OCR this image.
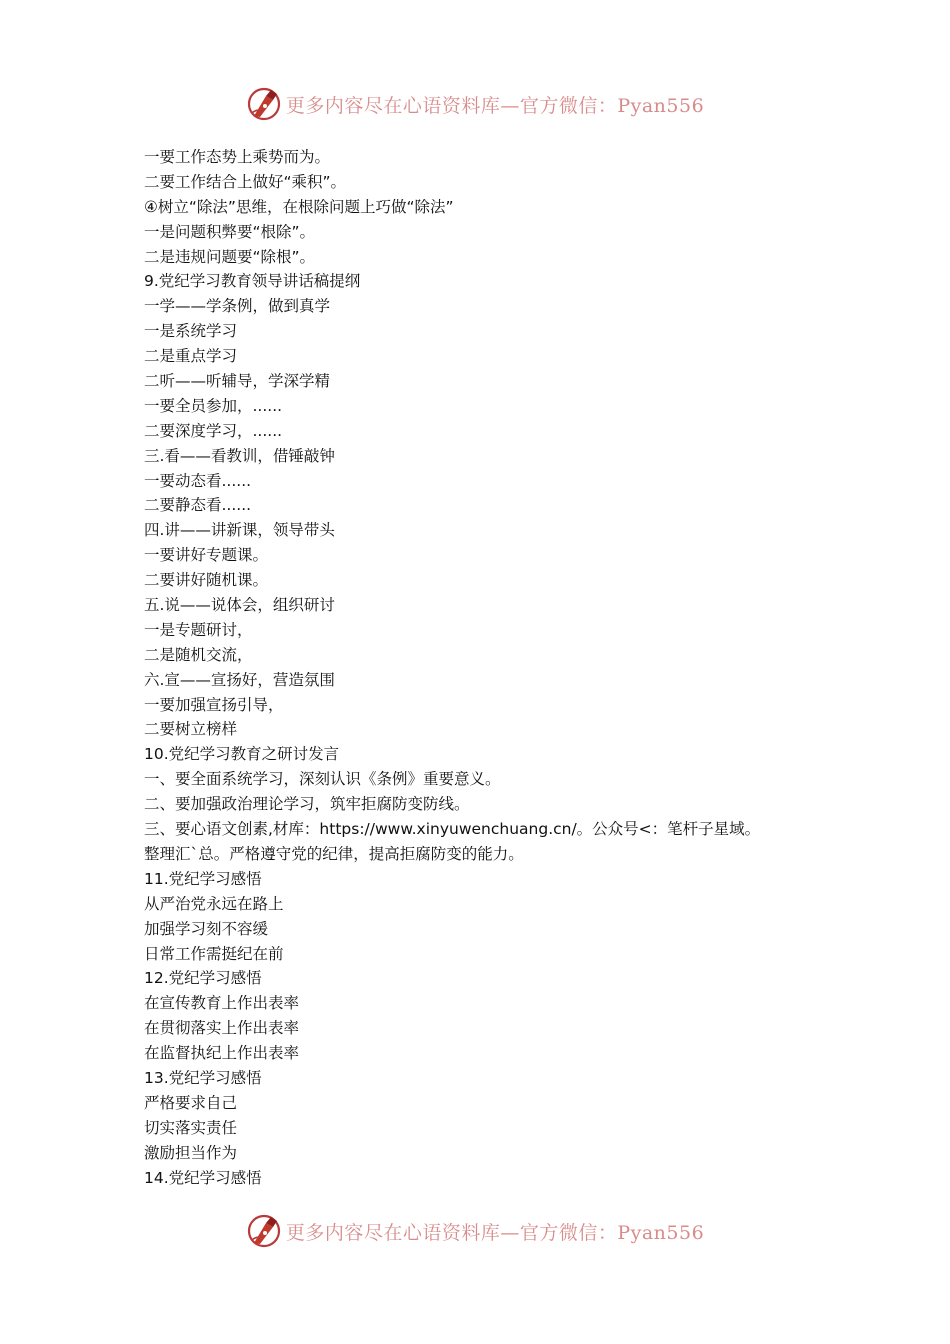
更多内容尽在心语资料库—官方微信：Pyan556
一要工作态势上乘势而为。
二要工作结合上做好“乘积”。
④树立“除法”思维，在根除问题上巧做“除法”
一是问题积弊要“根除”。
二是违规问题要“除根”。
9.党纪学习教育领导讲话稿提纲
一学——学条例，做到真学
一是系统学习
二是重点学习
二听——听辅导，学深学精
一要全员参加，......
二要深度学习，......
三.看——看教训，借锤敲钟
一要动态看......
二要静态看......
四.讲——讲新课，领导带头
一要讲好专题课。
二要讲好随机课。
五.说——说体会，组织研讨
一是专题研讨，
二是随机交流，
六.宣——宣扬好，营造氛围
一要加强宣扬引导，
二要树立榜样
10.党纪学习教育之研讨发言
一、要全面系统学习，深刻认识《条例》重要意义。
二、要加强政治理论学习，筑牢拒腐防变防线。
三、要心语文创素,材库：https://www.xinyuwenchuang.cn/。公众号<：笔杆子星域。
整理汇`总。严格遵守党的纪律，提高拒腐防变的能力。
11.党纪学习感悟
从严治党永远在路上
加强学习刻不容缓
日常工作需挺纪在前
12.党纪学习感悟
在宣传教育上作出表率
在贯彻落实上作出表率
在监督执纪上作出表率
13.党纪学习感悟
严格要求自己
切实落实责任
激励担当作为
14.党纪学习感悟
更多内容尽在心语资料库—官方微信：Pyan556
